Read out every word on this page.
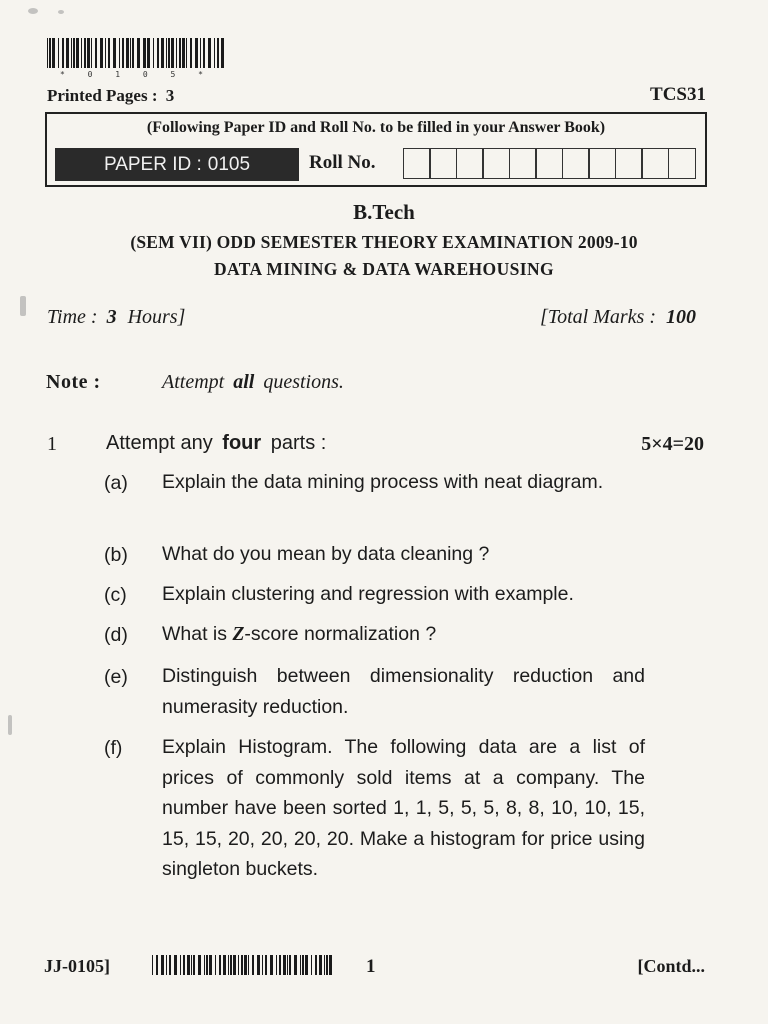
* 0 1 0 5 *
Printed Pages : 3	TCS31
(Following Paper ID and Roll No. to be filled in your Answer Book)
PAPER ID : 0105	Roll No.
B.Tech
(SEM VII) ODD SEMESTER THEORY EXAMINATION 2009-10
DATA MINING & DATA WAREHOUSING
Time : 3 Hours]	[Total Marks : 100
Note :	Attempt all questions.
1 Attempt any four parts :	5×4=20
(a) Explain the data mining process with neat diagram.
(b) What do you mean by data cleaning ?
(c) Explain clustering and regression with example.
(d) What is Z-score normalization ?
(e) Distinguish between dimensionality reduction and numerasity reduction.
(f) Explain Histogram. The following data are a list of prices of commonly sold items at a company. The number have been sorted 1, 1, 5, 5, 5, 8, 8, 10, 10, 15, 15, 15, 20, 20, 20, 20. Make a histogram for price using singleton buckets.
JJ-0105]	1	[Contd...
